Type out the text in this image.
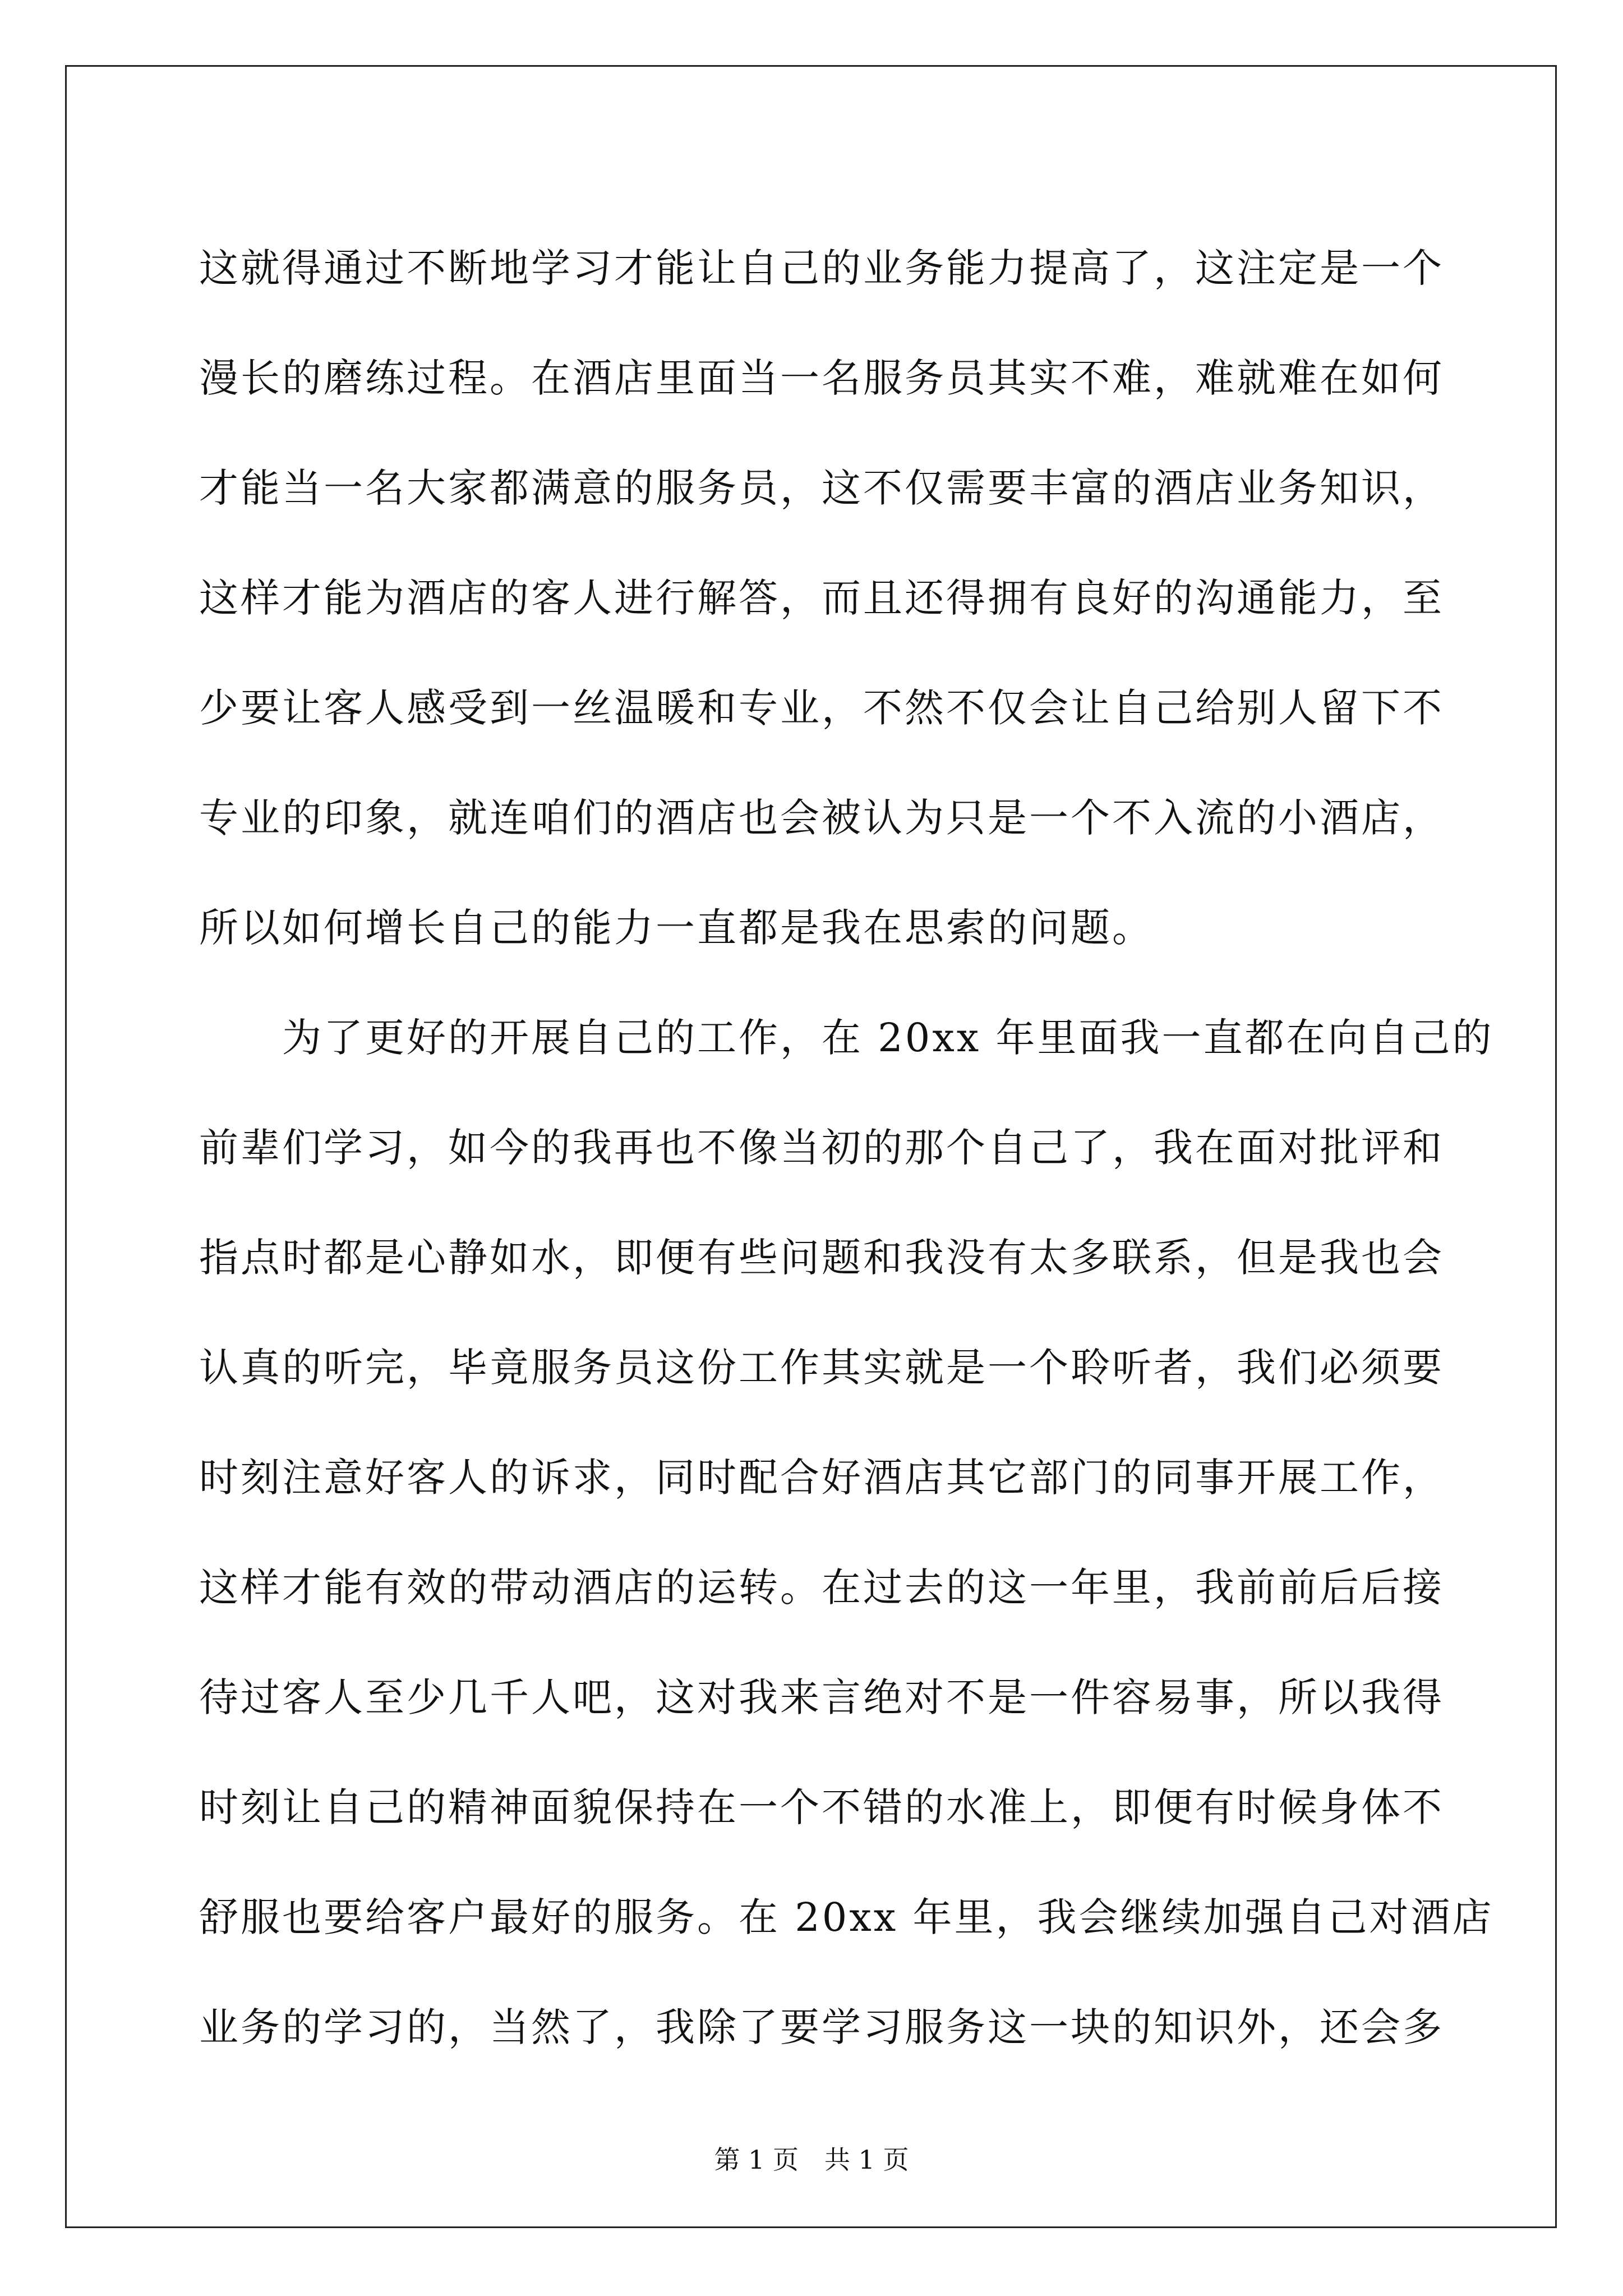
这就得通过不断地学习才能让自己的业务能力提高了，这注定是一个
漫长的磨练过程。在酒店里面当一名服务员其实不难，难就难在如何
才能当一名大家都满意的服务员，这不仅需要丰富的酒店业务知识，
这样才能为酒店的客人进行解答，而且还得拥有良好的沟通能力，至
少要让客人感受到一丝温暖和专业，不然不仅会让自己给别人留下不
专业的印象，就连咱们的酒店也会被认为只是一个不入流的小酒店，
所以如何增长自己的能力一直都是我在思索的问题。
　　为了更好的开展自己的工作，在 20xx 年里面我一直都在向自己的
前辈们学习，如今的我再也不像当初的那个自己了，我在面对批评和
指点时都是心静如水，即便有些问题和我没有太多联系，但是我也会
认真的听完，毕竟服务员这份工作其实就是一个聆听者，我们必须要
时刻注意好客人的诉求，同时配合好酒店其它部门的同事开展工作，
这样才能有效的带动酒店的运转。在过去的这一年里，我前前后后接
待过客人至少几千人吧，这对我来言绝对不是一件容易事，所以我得
时刻让自己的精神面貌保持在一个不错的水准上，即便有时候身体不
舒服也要给客户最好的服务。在 20xx 年里，我会继续加强自己对酒店
业务的学习的，当然了，我除了要学习服务这一块的知识外，还会多
第 1 页 共 1 页
